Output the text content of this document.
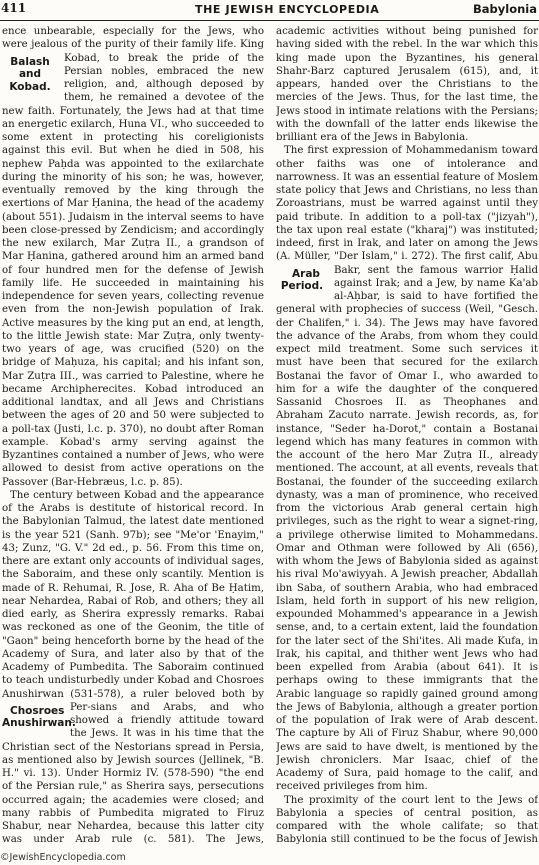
411	THE JEWISH ENCYCLOPEDIA	Babylonia

ence unbearable, especially for the Jews, who were jealous of the purity of their family life. King
Balash and Kobad.
Kobad, to break the pride of the Persian nobles, embraced the new religion, and, although deposed by them, he remained a devotee of the new faith. Fortunately, the Jews had at that time an energetic exilarch, Huna VI., who succeeded to some extent in protecting his coreligionists against this evil. But when he died in 508, his nephew Paḥda was appointed to the exilarchate during the minority of his son; he was, however, eventually removed by the king through the exertions of Mar Ḥanina, the head of the academy (about 551). Judaism in the interval seems to have been close-pressed by Zendicism; and accordingly the new exilarch, Mar Zuṭra II., a grandson of Mar Ḥanina, gathered around him an armed band of four hundred men for the defense of Jewish family life. He succeeded in maintaining his independence for seven years, collecting revenue even from the non-Jewish population of Irak. Active measures by the king put an end, at length, to the little Jewish state: Mar Zuṭra, only twenty-two years of age, was crucified (520) on the bridge of Maḥuza, his capital; and his infant son, Mar Zuṭra III., was carried to Palestine, where he became Archipherecites. Kobad introduced an additional landtax, and all Jews and Christians between the ages of 20 and 50 were subjected to a poll-tax (Justi, l.c. p. 370), no doubt after Roman example. Kobad's army serving against the Byzantines contained a number of Jews, who were allowed to desist from active operations on the Passover (Bar-Hebræus, l.c. p. 85).

The century between Kobad and the appearance of the Arabs is destitute of historical record. In the Babylonian Talmud, the latest date mentioned is the year 521 (Sanh. 97b); see "Me'or 'Enayim," 43; Zunz, "G. V." 2d ed., p. 56. From this time on, there are extant only accounts of individual sages, the Saboraim, and these only scantily. Mention is made of R. Rehumai, R. Jose, R. Aha of Be Ḥatim, near Nehardea, Rabai of Rob, and others; they all died early, as Sherira expressly remarks. Rabai was reckoned as one of the Geonim, the title of "Gaon" being henceforth borne by the head of the Academy of Sura, and later also by that of the Academy of Pumbedita. The Saboraim continued to teach undisturbedly under Kobad and Chosroes Anushirwan (531-578), a ruler beloved both by Per-
Chosroes Anushirwan.
sians and Arabs, and who showed a friendly attitude toward the Jews. It was in his time that the Christian sect of the Nestorians spread in Persia, as mentioned also by Jewish sources (Jellinek, "B. H." vi. 13). Under Hormiz IV. (578-590) "the end of the Persian rule," as Sherira says, persecutions occurred again; the academies were closed; and many rabbis of Pumbedita migrated to Firuz Shabur, near Nehardea, because this latter city was under Arab rule (c. 581). The Jews,

academic activities without being punished for having sided with the rebel. In the war which this king made upon the Byzantines, his general Shahr-Barz captured Jerusalem (615), and, it appears, handed over the Christians to the mercies of the Jews. Thus, for the last time, the Jews stood in intimate relations with the Persians; with the downfall of the latter ends likewise the brilliant era of the Jews in Babylonia.

The first expression of Mohammedanism toward other faiths was one of intolerance and narrowness. It was an essential feature of Moslem state policy that Jews and Christians, no less than Zoroastrians, must be warred against until they paid tribute. In addition to a poll-tax ("jizyah"), the tax upon real estate ("kharaj") was instituted; indeed, first in Irak, and later on among the Jews (A. Müller, "Der Islam," i. 272). The first calif, Abu
Arab Period.
Bakr, sent the famous warrior Ḥalid against Irak; and a Jew, by name Ka'ab al-Aḥbar, is said to have fortified the general with prophecies of success (Weil, "Gesch. der Chalifen," i. 34). The Jews may have favored the advance of the Arabs, from whom they could expect mild treatment. Some such services it must have been that secured for the exilarch Bostanai the favor of Omar I., who awarded to him for a wife the daughter of the conquered Sassanid Chosroes II. as Theophanes and Abraham Zacuto narrate. Jewish records, as, for instance, "Seder ha-Dorot," contain a Bostanai legend which has many features in common with the account of the hero Mar Zuṭra II., already mentioned. The account, at all events, reveals that Bostanai, the founder of the succeeding exilarch dynasty, was a man of prominence, who received from the victorious Arab general certain high privileges, such as the right to wear a signet-ring, a privilege otherwise limited to Mohammedans. Omar and Othman were followed by Ali (656), with whom the Jews of Babylonia sided as against his rival Mo'awiyyah. A Jewish preacher, Abdallah ibn Saba, of southern Arabia, who had embraced Islam, held forth in support of his new religion, expounded Mohammed's appearance in a Jewish sense, and, to a certain extent, laid the foundation for the later sect of the Shi'ites. Ali made Kufa, in Irak, his capital, and thither went Jews who had been expelled from Arabia (about 641). It is perhaps owing to these immigrants that the Arabic language so rapidly gained ground among the Jews of Babylonia, although a greater portion of the population of Irak were of Arab descent. The capture by Ali of Firuz Shabur, where 90,000 Jews are said to have dwelt, is mentioned by the Jewish chroniclers. Mar Isaac, chief of the Academy of Sura, paid homage to the calif, and received privileges from him.

The proximity of the court lent to the Jews of Babylonia a species of central position, as compared with the whole califate; so that Babylonia still continued to be the focus of Jewish

©JewishEncyclopedia.com
